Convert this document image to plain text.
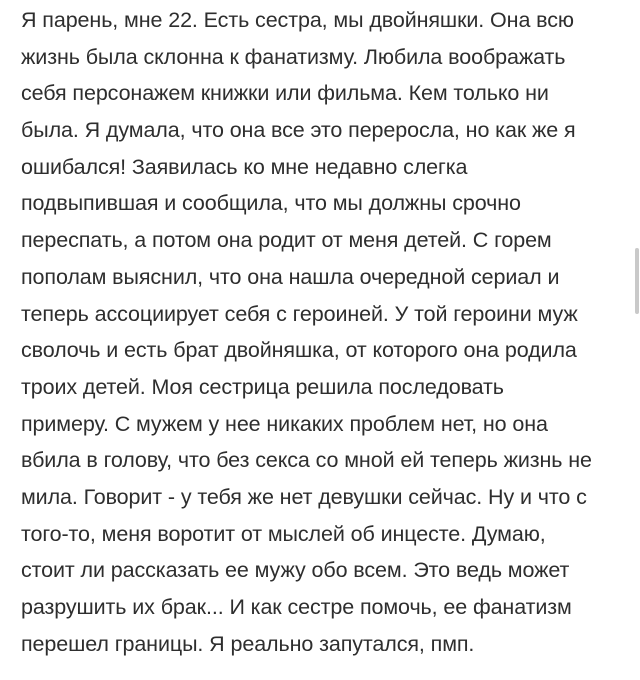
Я парень, мне 22. Есть сестра, мы двойняшки. Она всю
жизнь была склонна к фанатизму. Любила воображать
себя персонажем книжки или фильма. Кем только ни
была. Я думала, что она все это переросла, но как же я
ошибался! Заявилась ко мне недавно слегка
подвыпившая и сообщила, что мы должны срочно
переспать, а потом она родит от меня детей. С горем
пополам выяснил, что она нашла очередной сериал и
теперь ассоциирует себя с героиней. У той героини муж
сволочь и есть брат двойняшка, от которого она родила
троих детей. Моя сестрица решила последовать
примеру. С мужем у нее никаких проблем нет, но она
вбила в голову, что без секса со мной ей теперь жизнь не
мила. Говорит - у тебя же нет девушки сейчас. Ну и что с
того-то, меня воротит от мыслей об инцесте. Думаю,
стоит ли рассказать ее мужу обо всем. Это ведь может
разрушить их брак... И как сестре помочь, ее фанатизм
перешел границы. Я реально запутался, пмп.
